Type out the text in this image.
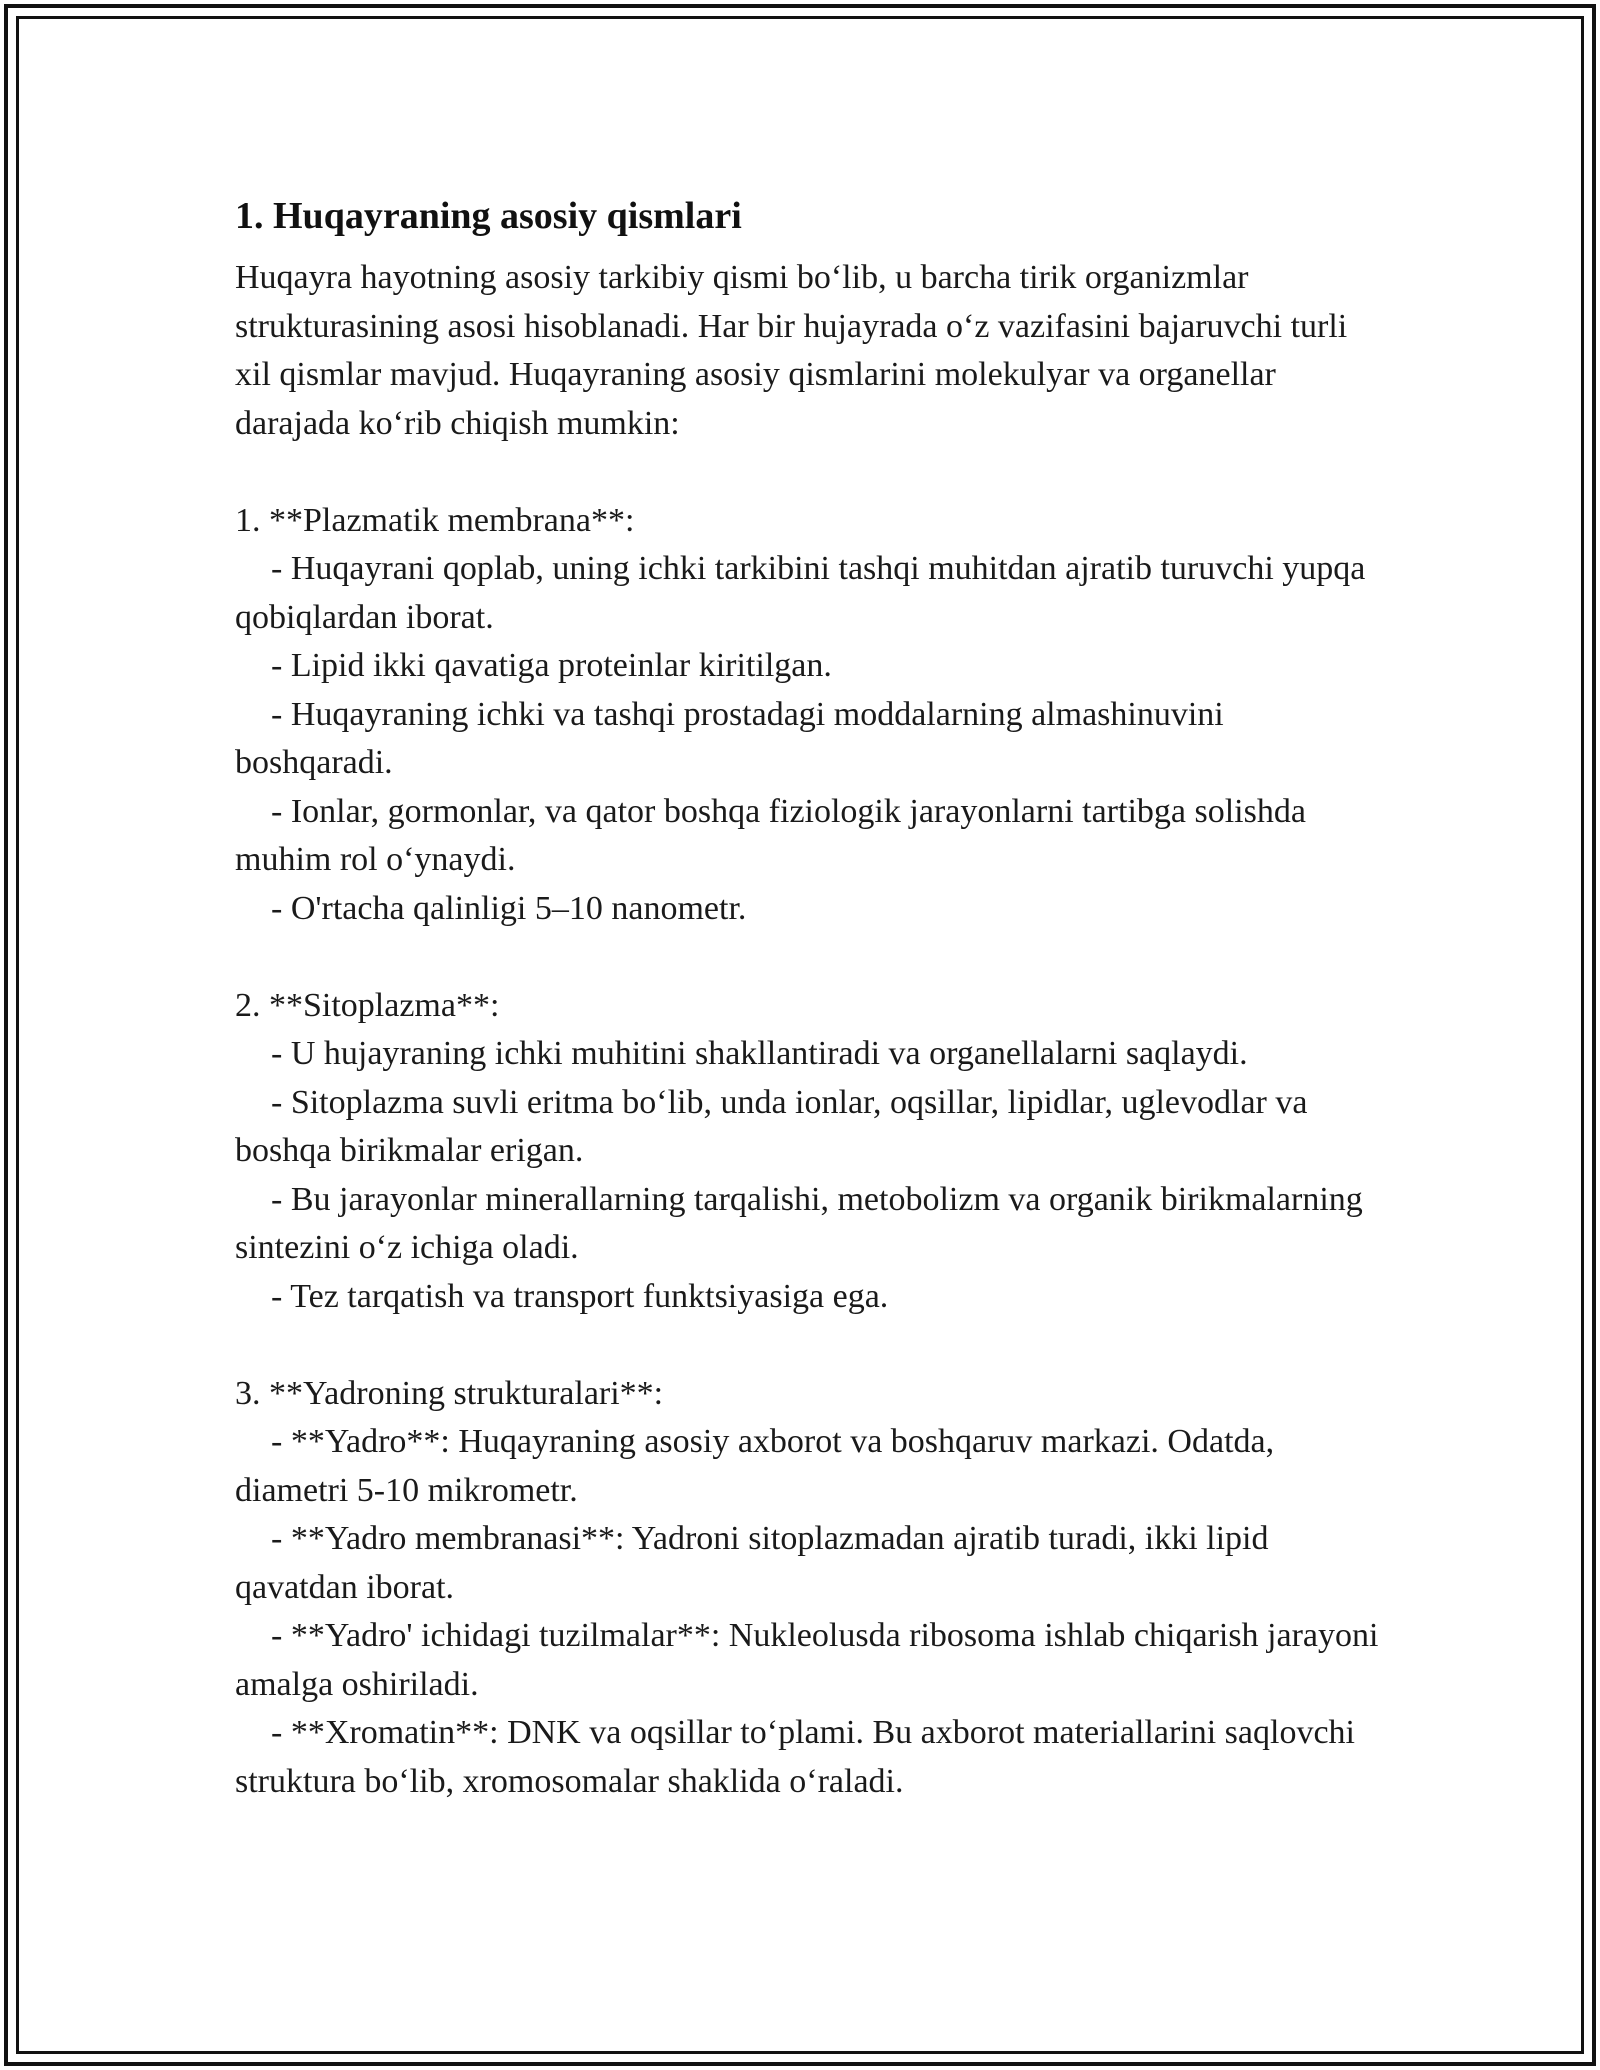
1. Huqayraning asosiy qismlari

Huqayra hayotning asosiy tarkibiy qismi bo‘lib, u barcha tirik organizmlar strukturasining asosi hisoblanadi. Har bir hujayrada o‘z vazifasini bajaruvchi turli xil qismlar mavjud. Huqayraning asosiy qismlarini molekulyar va organellar darajada ko‘rib chiqish mumkin:

1. **Plazmatik membrana**:

- Huqayrani qoplab, uning ichki tarkibini tashqi muhitdan ajratib turuvchi yupqa qobiqlardan iborat.

- Lipid ikki qavatiga proteinlar kiritilgan.

- Huqayraning ichki va tashqi prostadagi moddalarning almashinuvini boshqaradi.

- Ionlar, gormonlar, va qator boshqa fiziologik jarayonlarni tartibga solishda muhim rol o‘ynaydi.

- O'rtacha qalinligi 5–10 nanometr.

2. **Sitoplazma**:

- U hujayraning ichki muhitini shakllantiradi va organellalarni saqlaydi.

- Sitoplazma suvli eritma bo‘lib, unda ionlar, oqsillar, lipidlar, uglevodlar va boshqa birikmalar erigan.

- Bu jarayonlar minerallarning tarqalishi, metobolizm va organik birikmalarning sintezini o‘z ichiga oladi.

- Tez tarqatish va transport funktsiyasiga ega.

3. **Yadroning strukturalari**:

- **Yadro**: Huqayraning asosiy axborot va boshqaruv markazi. Odatda, diametri 5-10 mikrometr.

- **Yadro membranasi**: Yadroni sitoplazmadan ajratib turadi, ikki lipid qavatdan iborat.

- **Yadro' ichidagi tuzilmalar**: Nukleolusda ribosoma ishlab chiqarish jarayoni amalga oshiriladi.

- **Xromatin**: DNK va oqsillar to‘plami. Bu axborot materiallarini saqlovchi struktura bo‘lib, xromosomalar shaklida o‘raladi.
